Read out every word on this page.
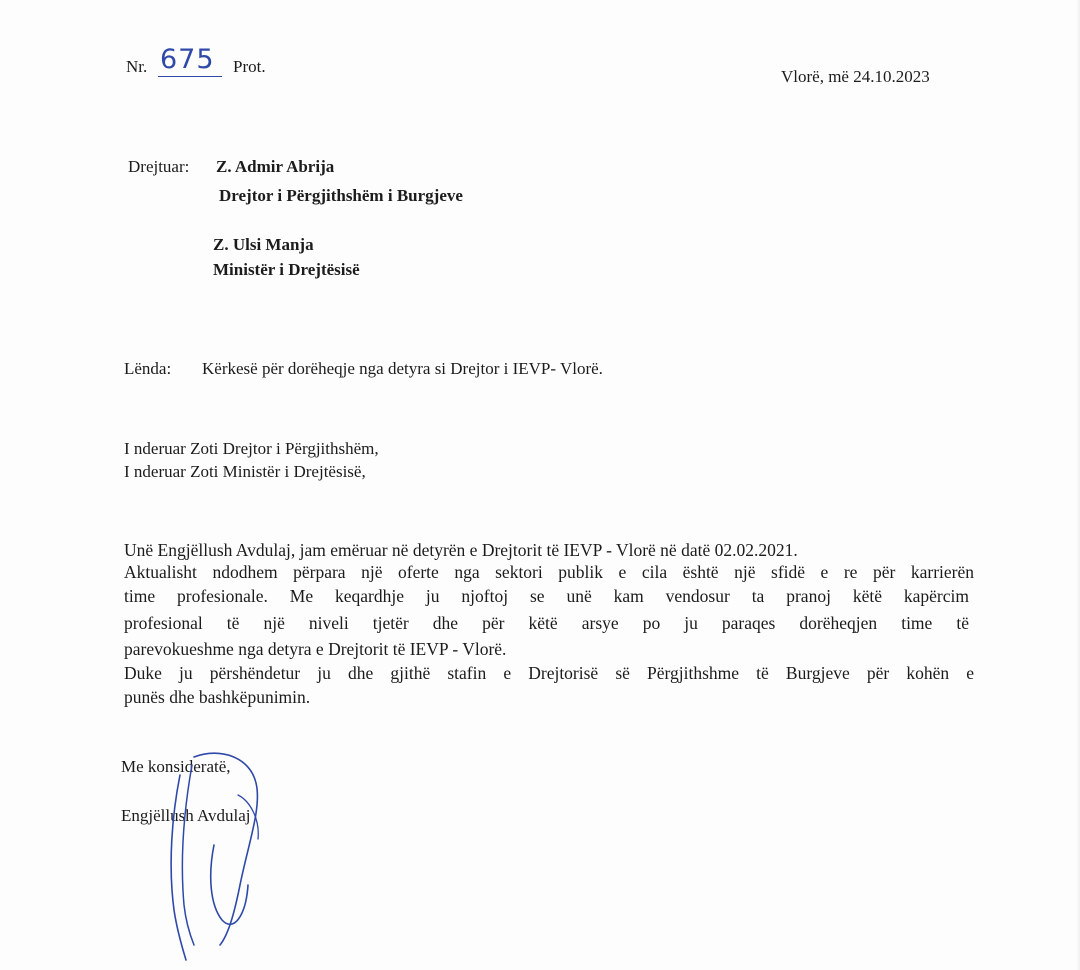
Nr. 675 Prot.
Vlorë, më 24.10.2023
Drejtuar: Z. Admir Abrija
Drejtor i Përgjithshëm i Burgjeve
Z. Ulsi Manja
Ministër i Drejtësisë
Lënda: Kërkesë për dorëheqje nga detyra si Drejtor i IEVP- Vlorë.
I nderuar Zoti Drejtor i Përgjithshëm,
I nderuar Zoti Ministër i Drejtësisë,
Unë Engjëllush Avdulaj, jam emëruar në detyrën e Drejtorit të IEVP - Vlorë në datë 02.02.2021.
Aktualisht ndodhem përpara një oferte nga sektori publik e cila është një sfidë e re për karrierën
time profesionale. Me keqardhje ju njoftoj se unë kam vendosur ta pranoj këtë kapërcim
profesional të një niveli tjetër dhe për këtë arsye po ju paraqes dorëheqjen time të
parevokueshme nga detyra e Drejtorit të IEVP - Vlorë.
Duke ju përshëndetur ju dhe gjithë stafin e Drejtorisë së Përgjithshme të Burgjeve për kohën e
punës dhe bashkëpunimin.
Me konsideratë,
Engjëllush Avdulaj
